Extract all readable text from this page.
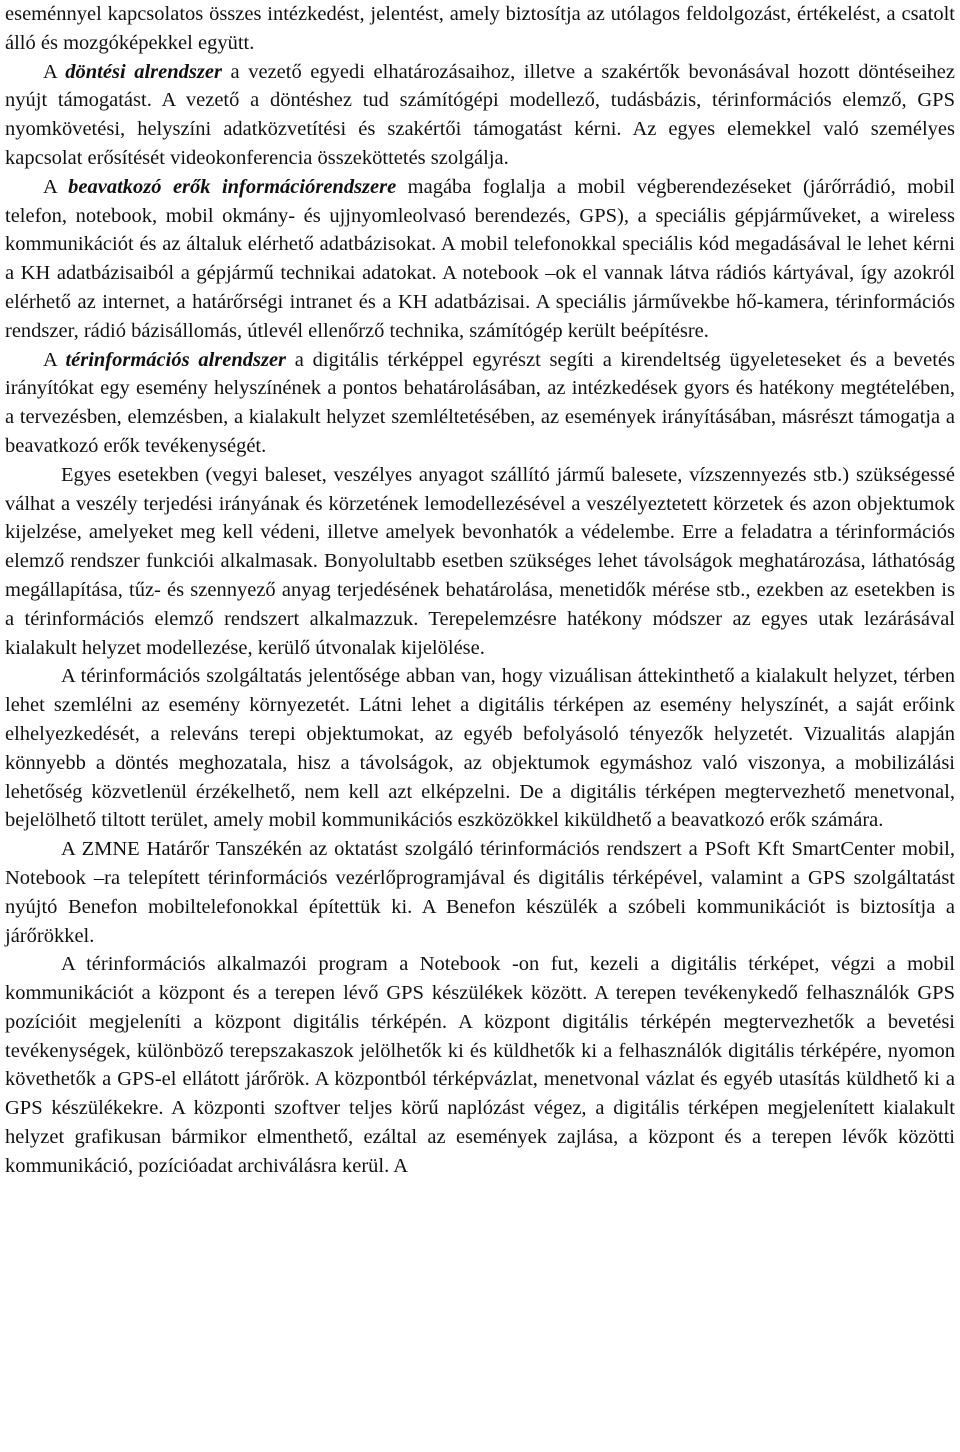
eseménnyel kapcsolatos összes intézkedést, jelentést, amely biztosítja az utólagos feldolgozást, értékelést, a csatolt álló és mozgóképekkel együtt.

A döntési alrendszer a vezető egyedi elhatározásaihoz, illetve a szakértők bevonásával hozott döntéseihez nyújt támogatást. A vezető a döntéshez tud számítógépi modellező, tudásbázis, térinformációs elemző, GPS nyomkövetési, helyszíni adatközvetítési és szakértői támogatást kérni. Az egyes elemekkel való személyes kapcsolat erősítését videokonferencia összeköttetés szolgálja.

A beavatkozó erők információrendszere magába foglalja a mobil végberendezéseket (járőrrádió, mobil telefon, notebook, mobil okmány- és ujjnyomleolvasó berendezés, GPS), a speciális gépjárműveket, a wireless kommunikációt és az általuk elérhető adatbázisokat. A mobil telefonokkal speciális kód megadásával le lehet kérni a KH adatbázisaiból a gépjármű technikai adatokat. A notebook –ok el vannak látva rádiós kártyával, így azokról elérhető az internet, a határőrségi intranet és a KH adatbázisai. A speciális járművekbe hő-kamera, térinformációs rendszer, rádió bázisállomás, útlevél ellenőrző technika, számítógép került beépítésre.

A térinformációs alrendszer a digitális térképpel egyrészt segíti a kirendeltség ügyeleteseket és a bevetés irányítókat egy esemény helyszínének a pontos behatárolásában, az intézkedések gyors és hatékony megtételében, a tervezésben, elemzésben, a kialakult helyzet szemléltetésében, az események irányításában, másrészt támogatja a beavatkozó erők tevékenységét.

Egyes esetekben (vegyi baleset, veszélyes anyagot szállító jármű balesete, vízszennyezés stb.) szükségessé válhat a veszély terjedési irányának és körzetének lemodellezésével a veszélyeztetett körzetek és azon objektumok kijelzése, amelyeket meg kell védeni, illetve amelyek bevonhatók a védelembe. Erre a feladatra a térinformációs elemző rendszer funkciói alkalmasak. Bonyolultabb esetben szükséges lehet távolságok meghatározása, láthatóság megállapítása, tűz- és szennyező anyag terjedésének behatárolása, menetidők mérése stb., ezekben az esetekben is a térinformációs elemző rendszert alkalmazzuk. Terepelemzésre hatékony módszer az egyes utak lezárásával kialakult helyzet modellezése, kerülő útvonalak kijelölése.

A térinformációs szolgáltatás jelentősége abban van, hogy vizuálisan áttekinthető a kialakult helyzet, térben lehet szemlélni az esemény környezetét. Látni lehet a digitális térképen az esemény helyszínét, a saját erőink elhelyezkedését, a releváns terepi objektumokat, az egyéb befolyásoló tényezők helyzetét. Vizualitás alapján könnyebb a döntés meghozatala, hisz a távolságok, az objektumok egymáshoz való viszonya, a mobilizálási lehetőség közvetlenül érzékelhető, nem kell azt elképzelni. De a digitális térképen megtervezhető menetvonal, bejelölhető tiltott terület, amely mobil kommunikációs eszközökkel kiküldhető a beavatkozó erők számára.

A ZMNE Határőr Tanszékén az oktatást szolgáló térinformációs rendszert a PSoft Kft SmartCenter mobil, Notebook –ra telepített térinformációs vezérlőprogramjával és digitális térképével, valamint a GPS szolgáltatást nyújtó Benefon mobiltelefonokkal építettük ki. A Benefon készülék a szóbeli kommunikációt is biztosítja a járőrökkel.

A térinformációs alkalmazói program a Notebook -on fut, kezeli a digitális térképet, végzi a mobil kommunikációt a központ és a terepen lévő GPS készülékek között. A terepen tevékenykedő felhasználók GPS pozícióit megjeleníti a központ digitális térképén. A központ digitális térképén megtervezhetők a bevetési tevékenységek, különböző terepszakaszok jelölhetők ki és küldhetők ki a felhasználók digitális térképére, nyomon követhetők a GPS-el ellátott járőrök. A központból térképvázlat, menetvonal vázlat és egyéb utasítás küldhető ki a GPS készülékekre. A központi szoftver teljes körű naplózást végez, a digitális térképen megjelenített kialakult helyzet grafikusan bármikor elmenthető, ezáltal az események zajlása, a központ és a terepen lévők közötti kommunikáció, pozícióadat archiválásra kerül. A
